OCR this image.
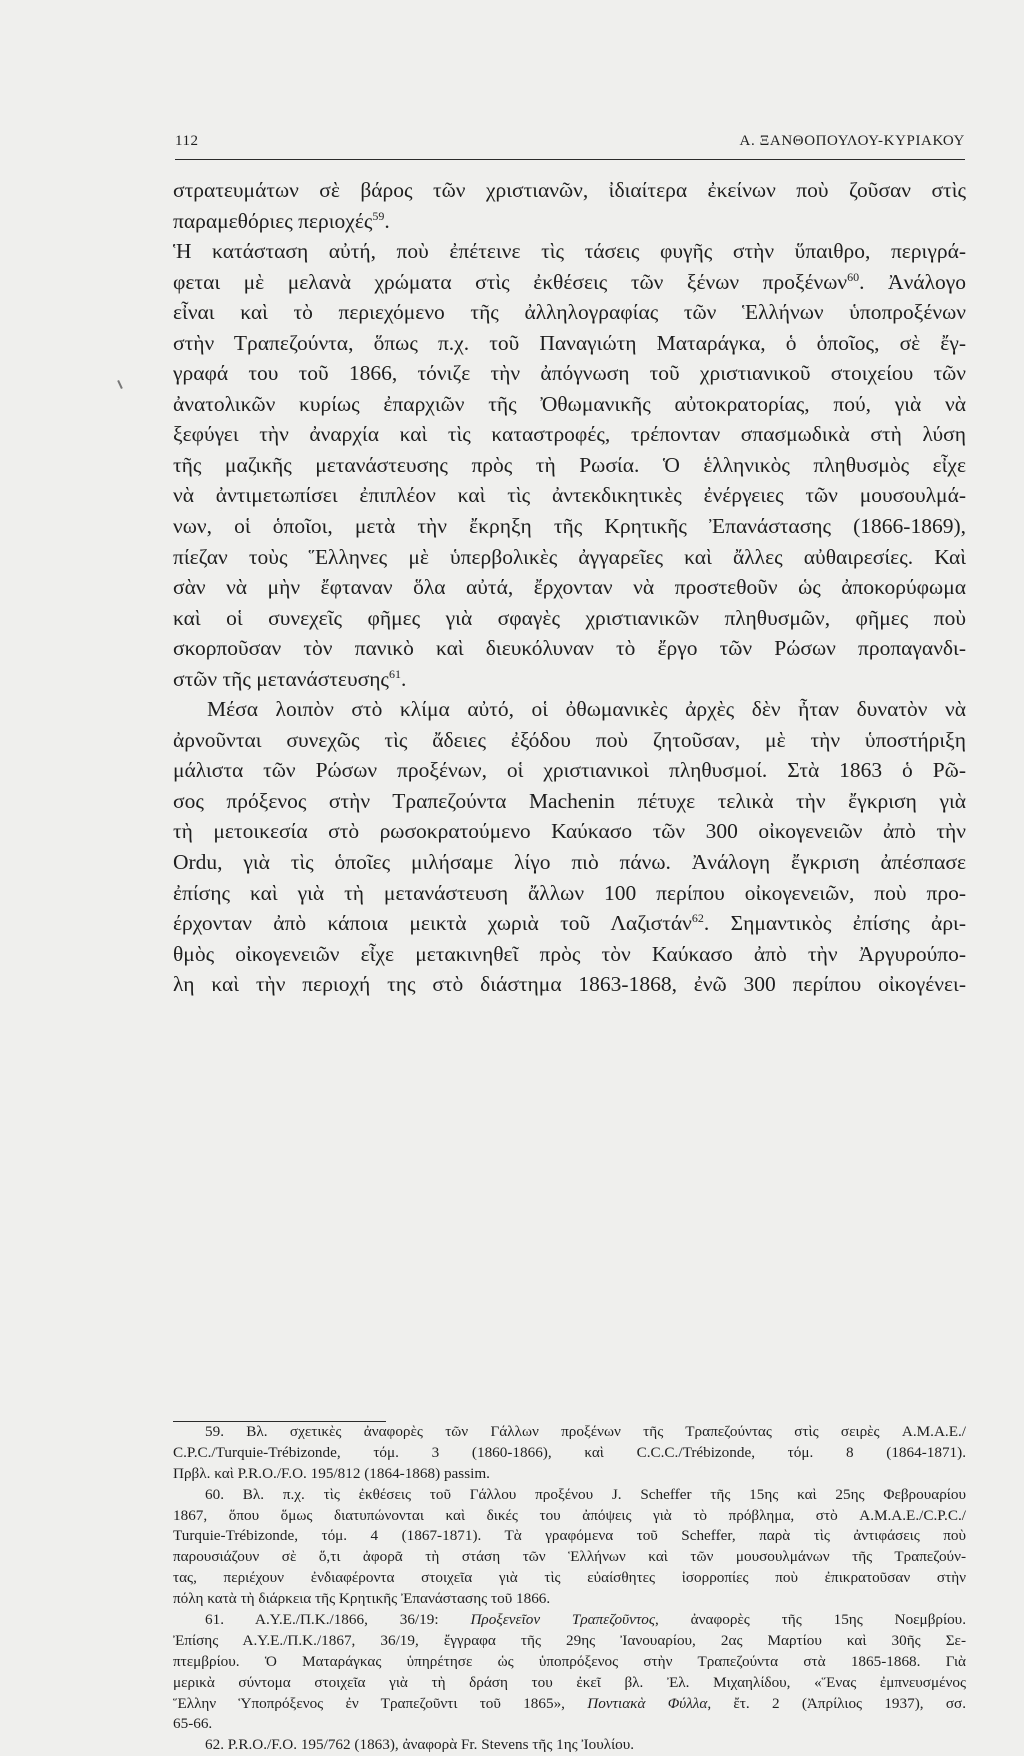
112	Α. ΞΑΝΘΟΠΟΥΛΟΥ-ΚΥΡΙΑΚΟΥ
στρατευμάτων σὲ βάρος τῶν χριστιανῶν, ἰδιαίτερα ἐκείνων ποὺ ζοῦσαν στὶς
παραμεθόριες περιοχές$^{59}$.
Ἡ κατάσταση αὐτή, ποὺ ἐπέτεινε τὶς τάσεις φυγῆς στὴν ὕπαιθρο, περιγρά-
φεται μὲ μελανὰ χρώματα στὶς ἐκθέσεις τῶν ξένων προξένων$^{60}$. Ἀνάλογο
εἶναι καὶ τὸ περιεχόμενο τῆς ἀλληλογραφίας τῶν Ἑλλήνων ὑποπροξένων
στὴν Τραπεζούντα, ὅπως π.χ. τοῦ Παναγιώτη Ματαράγκα, ὁ ὁποῖος, σὲ ἔγ-
γραφά του τοῦ 1866, τόνιζε τὴν ἀπόγνωση τοῦ χριστιανικοῦ στοιχείου τῶν
ἀνατολικῶν κυρίως ἐπαρχιῶν τῆς Ὀθωμανικῆς αὐτοκρατορίας, πού, γιὰ νὰ
ξεφύγει τὴν ἀναρχία καὶ τὶς καταστροφές, τρέπονταν σπασμωδικὰ στὴ λύση
τῆς μαζικῆς μετανάστευσης πρὸς τὴ Ρωσία. Ὁ ἑλληνικὸς πληθυσμὸς εἶχε
νὰ ἀντιμετωπίσει ἐπιπλέον καὶ τὶς ἀντεκδικητικὲς ἐνέργειες τῶν μουσουλμά-
νων, οἱ ὁποῖοι, μετὰ τὴν ἔκρηξη τῆς Κρητικῆς Ἐπανάστασης (1866-1869),
πίεζαν τοὺς Ἕλληνες μὲ ὑπερβολικὲς ἀγγαρεῖες καὶ ἄλλες αὐθαιρεσίες. Καὶ
σὰν νὰ μὴν ἔφταναν ὅλα αὐτά, ἔρχονταν νὰ προστεθοῦν ὡς ἀποκορύφωμα
καὶ οἱ συνεχεῖς φῆμες γιὰ σφαγὲς χριστιανικῶν πληθυσμῶν, φῆμες ποὺ
σκορποῦσαν τὸν πανικὸ καὶ διευκόλυναν τὸ ἔργο τῶν Ρώσων προπαγανδι-
στῶν τῆς μετανάστευσης$^{61}$.
Μέσα λοιπὸν στὸ κλίμα αὐτό, οἱ ὀθωμανικὲς ἀρχὲς δὲν ἦταν δυνατὸν νὰ
ἀρνοῦνται συνεχῶς τὶς ἄδειες ἐξόδου ποὺ ζητοῦσαν, μὲ τὴν ὑποστήριξη
μάλιστα τῶν Ρώσων προξένων, οἱ χριστιανικοὶ πληθυσμοί. Στὰ 1863 ὁ Ρῶ-
σος πρόξενος στὴν Τραπεζούντα Machenin πέτυχε τελικὰ τὴν ἔγκριση γιὰ
τὴ μετοικεσία στὸ ρωσοκρατούμενο Καύκασο τῶν 300 οἰκογενειῶν ἀπὸ τὴν
Ordu, γιὰ τὶς ὁποῖες μιλήσαμε λίγο πιὸ πάνω. Ἀνάλογη ἔγκριση ἀπέσπασε
ἐπίσης καὶ γιὰ τὴ μετανάστευση ἄλλων 100 περίπου οἰκογενειῶν, ποὺ προ-
έρχονταν ἀπὸ κάποια μεικτὰ χωριὰ τοῦ Λαζιστάν$^{62}$. Σημαντικὸς ἐπίσης ἀρι-
θμὸς οἰκογενειῶν εἶχε μετακινηθεῖ πρὸς τὸν Καύκασο ἀπὸ τὴν Ἀργυρούπο-
λη καὶ τὴν περιοχή της στὸ διάστημα 1863-1868, ἐνῶ 300 περίπου οἰκογένει-
59. Βλ. σχετικὲς ἀναφορὲς τῶν Γάλλων προξένων τῆς Τραπεζούντας στὶς σειρὲς A.M.A.E./
C.P.C./Turquie-Trébizonde, τόμ. 3 (1860-1866), καὶ C.C.C./Trébizonde, τόμ. 8 (1864-1871).
Πρβλ. καὶ P.R.O./F.O. 195/812 (1864-1868) passim.
60. Βλ. π.χ. τὶς ἐκθέσεις τοῦ Γάλλου προξένου J. Scheffer τῆς 15ης καὶ 25ης Φεβρουαρίου
1867, ὅπου ὅμως διατυπώνονται καὶ δικές του ἀπόψεις γιὰ τὸ πρόβλημα, στὸ A.M.A.E./C.P.C./
Turquie-Trébizonde, τόμ. 4 (1867-1871). Τὰ γραφόμενα τοῦ Scheffer, παρὰ τὶς ἀντιφάσεις ποὺ
παρουσιάζουν σὲ ὅ,τι ἀφορᾶ τὴ στάση τῶν Ἑλλήνων καὶ τῶν μουσουλμάνων τῆς Τραπεζούν-
τας, περιέχουν ἐνδιαφέροντα στοιχεῖα γιὰ τὶς εὐαίσθητες ἰσορροπίες ποὺ ἐπικρατοῦσαν στὴν
πόλη κατὰ τὴ διάρκεια τῆς Κρητικῆς Ἐπανάστασης τοῦ 1866.
61. Α.Υ.Ε./Π.Κ./1866, 36/19: Προξενεῖον Τραπεζοῦντος, ἀναφορὲς τῆς 15ης Νοεμβρίου.
Ἐπίσης Α.Υ.Ε./Π.Κ./1867, 36/19, ἔγγραφα τῆς 29ης Ἰανουαρίου, 2ας Μαρτίου καὶ 30ῆς Σε-
πτεμβρίου. Ὁ Ματαράγκας ὑπηρέτησε ὡς ὑποπρόξενος στὴν Τραπεζούντα στὰ 1865-1868. Γιὰ
μερικὰ σύντομα στοιχεῖα γιὰ τὴ δράση του ἐκεῖ βλ. Ἐλ. Μιχαηλίδου, «Ἕνας ἐμπνευσμένος
Ἕλλην Ὑποπρόξενος ἐν Τραπεζοῦντι τοῦ 1865», Ποντιακὰ Φύλλα, ἔτ. 2 (Ἀπρίλιος 1937), σσ.
65-66.
62. P.R.O./F.O. 195/762 (1863), ἀναφορὰ Fr. Stevens τῆς 1ης Ἰουλίου.
